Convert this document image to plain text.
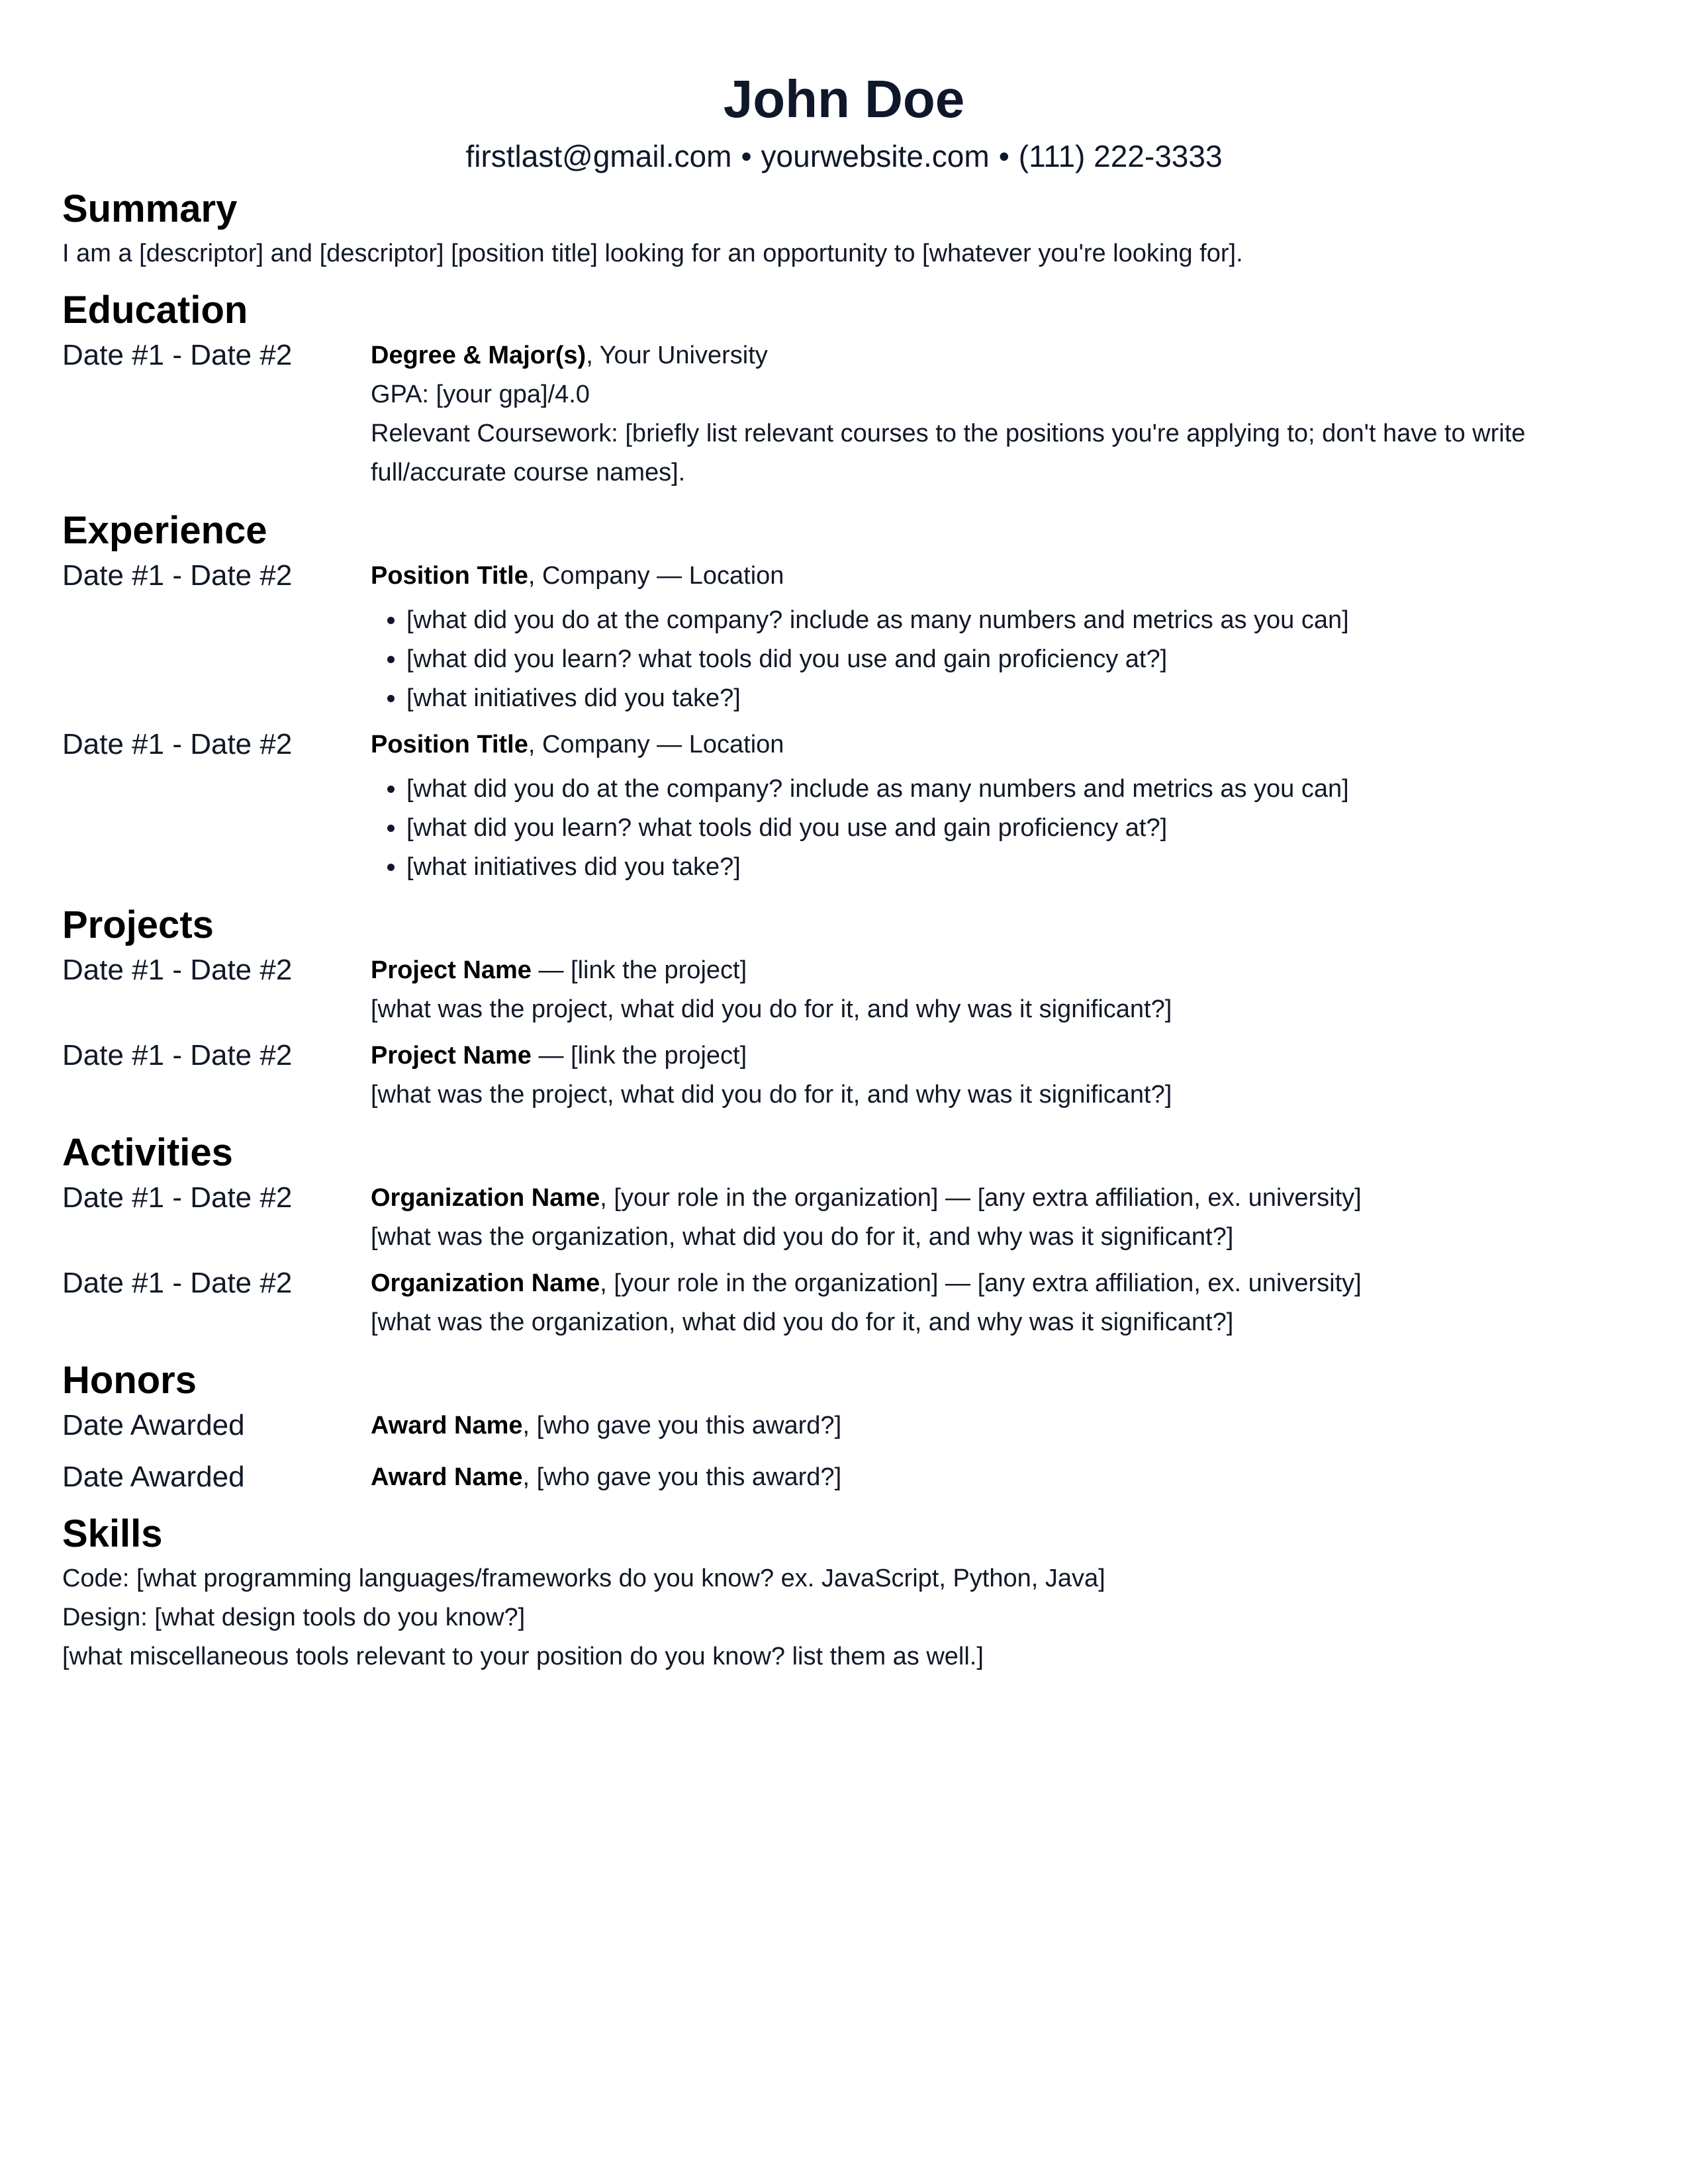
John Doe
firstlast@gmail.com • yourwebsite.com • (111) 222-3333
Summary
I am a [descriptor] and [descriptor] [position title] looking for an opportunity to [whatever you're looking for].
Education
Date #1 - Date #2	Degree & Major(s), Your University
GPA: [your gpa]/4.0
Relevant Coursework: [briefly list relevant courses to the positions you're applying to; don't have to write full/accurate course names].
Experience
Date #1 - Date #2	Position Title, Company — Location
• [what did you do at the company? include as many numbers and metrics as you can]
• [what did you learn? what tools did you use and gain proficiency at?]
• [what initiatives did you take?]
Date #1 - Date #2	Position Title, Company — Location
• [what did you do at the company? include as many numbers and metrics as you can]
• [what did you learn? what tools did you use and gain proficiency at?]
• [what initiatives did you take?]
Projects
Date #1 - Date #2	Project Name — [link the project]
[what was the project, what did you do for it, and why was it significant?]
Date #1 - Date #2	Project Name — [link the project]
[what was the project, what did you do for it, and why was it significant?]
Activities
Date #1 - Date #2	Organization Name, [your role in the organization] — [any extra affiliation, ex. university]
[what was the organization, what did you do for it, and why was it significant?]
Date #1 - Date #2	Organization Name, [your role in the organization] — [any extra affiliation, ex. university]
[what was the organization, what did you do for it, and why was it significant?]
Honors
Date Awarded	Award Name, [who gave you this award?]
Date Awarded	Award Name, [who gave you this award?]
Skills
Code: [what programming languages/frameworks do you know? ex. JavaScript, Python, Java]
Design: [what design tools do you know?]
[what miscellaneous tools relevant to your position do you know? list them as well.]
